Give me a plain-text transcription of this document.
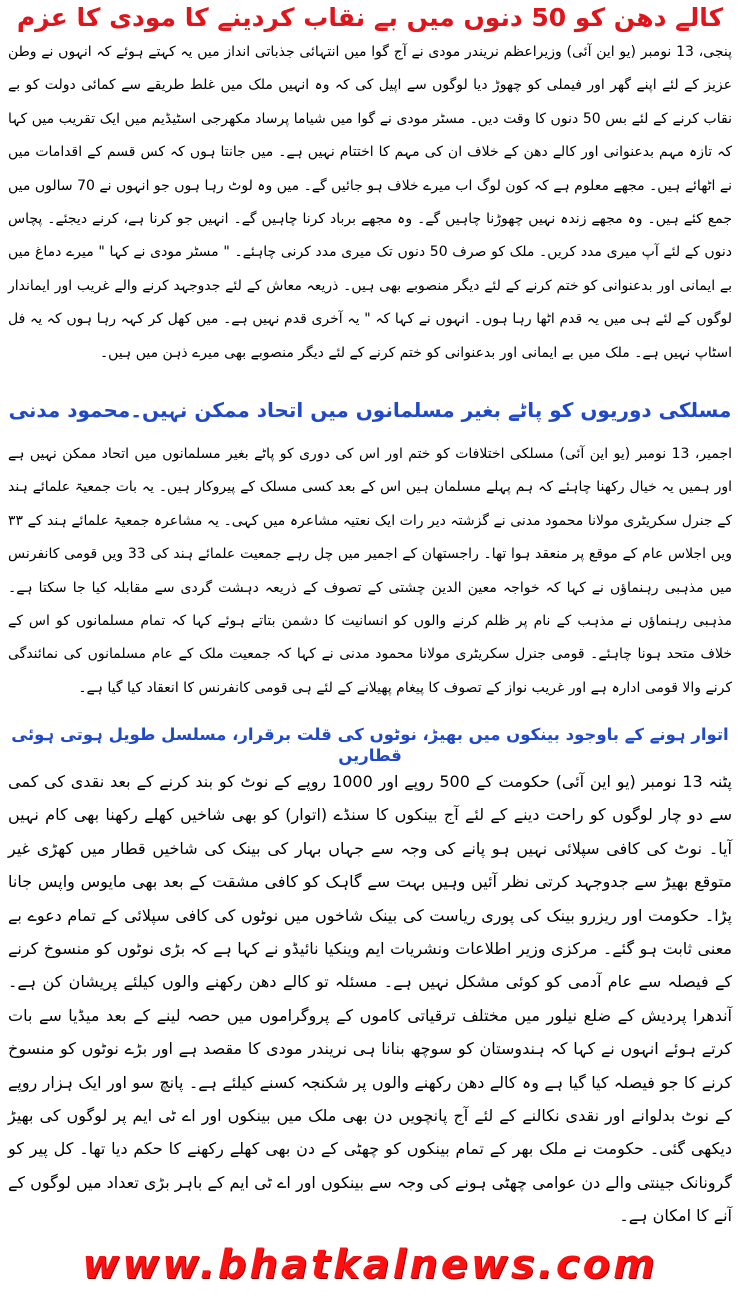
کالے دھن کو 50 دنوں میں بے نقاب کردینے کا مودی کا عزم

پنجی، 13 نومبر (یو این آئی) وزیراعظم نریندر مودی نے آج گوا میں انتہائی جذباتی انداز میں یہ کہتے ہوئے کہ انہوں نے وطن عزیز کے لئے اپنے گھر اور فیملی کو چھوڑ دیا لوگوں سے اپیل کی کہ وہ انہیں ملک میں غلط طریقے سے کمائی دولت کو بے نقاب کرنے کے لئے بس 50 دنوں کا وقت دیں۔ مسٹر مودی نے گوا میں شیاما پرساد مکھرجی اسٹیڈیم میں ایک تقریب میں کہا کہ تازہ مہم بدعنوانی اور کالے دھن کے خلاف ان کی مہم کا اختتام نہیں ہے۔ میں جانتا ہوں کہ کس قسم کے اقدامات میں نے اٹھائے ہیں۔ مجھے معلوم ہے کہ کون لوگ اب میرے خلاف ہو جائیں گے۔ میں وہ لوٹ رہا ہوں جو انہوں نے 70 سالوں میں جمع کئے ہیں۔ وہ مجھے زندہ نہیں چھوڑنا چاہیں گے۔ وہ مجھے برباد کرنا چاہیں گے۔ انہیں جو کرنا ہے، کرنے دیجئے۔ پچاس دنوں کے لئے آپ میری مدد کریں۔ ملک کو صرف 50 دنوں تک میری مدد کرنی چاہئے۔ " مسٹر مودی نے کہا " میرے دماغ میں بے ایمانی اور بدعنوانی کو ختم کرنے کے لئے دیگر منصوبے بھی ہیں۔ ذریعہ معاش کے لئے جدوجہد کرنے والے غریب اور ایماندار لوگوں کے لئے ہی میں یہ قدم اٹھا رہا ہوں۔ انہوں نے کہا کہ " یہ آخری قدم نہیں ہے۔ میں کھل کر کہہ رہا ہوں کہ یہ فل اسٹاپ نہیں ہے۔ ملک میں بے ایمانی اور بدعنوانی کو ختم کرنے کے لئے دیگر منصوبے بھی میرے ذہن میں ہیں۔

مسلکی دوریوں کو پاٹے بغیر مسلمانوں میں اتحاد ممکن نہیں۔محمود مدنی

اجمیر، 13 نومبر (یو این آئی) مسلکی اختلافات کو ختم اور اس کی دوری کو پاٹے بغیر مسلمانوں میں اتحاد ممکن نہیں ہے اور ہمیں یہ خیال رکھنا چاہئے کہ ہم پہلے مسلمان ہیں اس کے بعد کسی مسلک کے پیروکار ہیں۔ یہ بات جمعیۃ علمائے ہند کے جنرل سکریٹری مولانا محمود مدنی نے گزشتہ دیر رات ایک نعتیہ مشاعرہ میں کہی۔ یہ مشاعرہ جمعیۃ علمائے ہند کے ۳۳ ویں اجلاس عام کے موقع پر منعقد ہوا تھا۔ راجستھان کے اجمیر میں چل رہے جمعیت علمائے ہند کی 33 ویں قومی کانفرنس میں مذہبی رہنماؤں نے کہا کہ خواجہ معین الدین چشتی کے تصوف کے ذریعہ دہشت گردی سے مقابلہ کیا جا سکتا ہے۔ مذہبی رہنماؤں نے مذہب کے نام پر ظلم کرنے والوں کو انسانیت کا دشمن بتاتے ہوئے کہا کہ تمام مسلمانوں کو اس کے خلاف متحد ہونا چاہئے۔ قومی جنرل سکریٹری مولانا محمود مدنی نے کہا کہ جمعیت ملک کے عام مسلمانوں کی نمائندگی کرنے والا قومی ادارہ ہے اور غریب نواز کے تصوف کا پیغام پھیلانے کے لئے ہی قومی کانفرنس کا انعقاد کیا گیا ہے۔

اتوار ہونے کے باوجود بینکوں میں بھیڑ، نوٹوں کی قلت برقرار، مسلسل طویل ہوتی ہوئی قطاریں

پٹنہ 13 نومبر (یو این آئی) حکومت کے 500 روپے اور 1000 روپے کے نوٹ کو بند کرنے کے بعد نقدی کی کمی سے دو چار لوگوں کو راحت دینے کے لئے آج بینکوں کا سنڈے (اتوار) کو بھی شاخیں کھلے رکھنا بھی کام نہیں آیا۔ نوٹ کی کافی سپلائی نہیں ہو پانے کی وجہ سے جہاں بہار کی بینک کی شاخیں قطار میں کھڑی غیر متوقع بھیڑ سے جدوجہد کرتی نظر آئیں وہیں بہت سے گاہک کو کافی مشقت کے بعد بھی مایوس واپس جانا پڑا۔ حکومت اور ریزرو بینک کی پوری ریاست کی بینک شاخوں میں نوٹوں کی کافی سپلائی کے تمام دعوے بے معنی ثابت ہو گئے۔ مرکزی وزیر اطلاعات ونشریات ایم وینکیا نائیڈو نے کہا ہے کہ بڑی نوٹوں کو منسوخ کرنے کے فیصلہ سے عام آدمی کو کوئی مشکل نہیں ہے۔ مسئلہ تو کالے دھن رکھنے والوں کیلئے پریشان کن ہے۔ آندھرا پردیش کے ضلع نیلور میں مختلف ترقیاتی کاموں کے پروگراموں میں حصہ لینے کے بعد میڈیا سے بات کرتے ہوئے انہوں نے کہا کہ ہندوستان کو سوچھ بنانا ہی نریندر مودی کا مقصد ہے اور بڑے نوٹوں کو منسوخ کرنے کا جو فیصلہ کیا گیا ہے وہ کالے دھن رکھنے والوں پر شکنجہ کسنے کیلئے ہے۔ پانچ سو اور ایک ہزار روپے کے نوٹ بدلوانے اور نقدی نکالنے کے لئے آج پانچویں دن بھی ملک میں بینکوں اور اے ٹی ایم پر لوگوں کی بھیڑ دیکھی گئی۔ حکومت نے ملک بھر کے تمام بینکوں کو چھٹی کے دن بھی کھلے رکھنے کا حکم دیا تھا۔ کل پیر کو گرونانک جینتی والے دن عوامی چھٹی ہونے کی وجہ سے بینکوں اور اے ٹی ایم کے باہر بڑی تعداد میں لوگوں کے آنے کا امکان ہے۔

www.bhatkalnews.com
